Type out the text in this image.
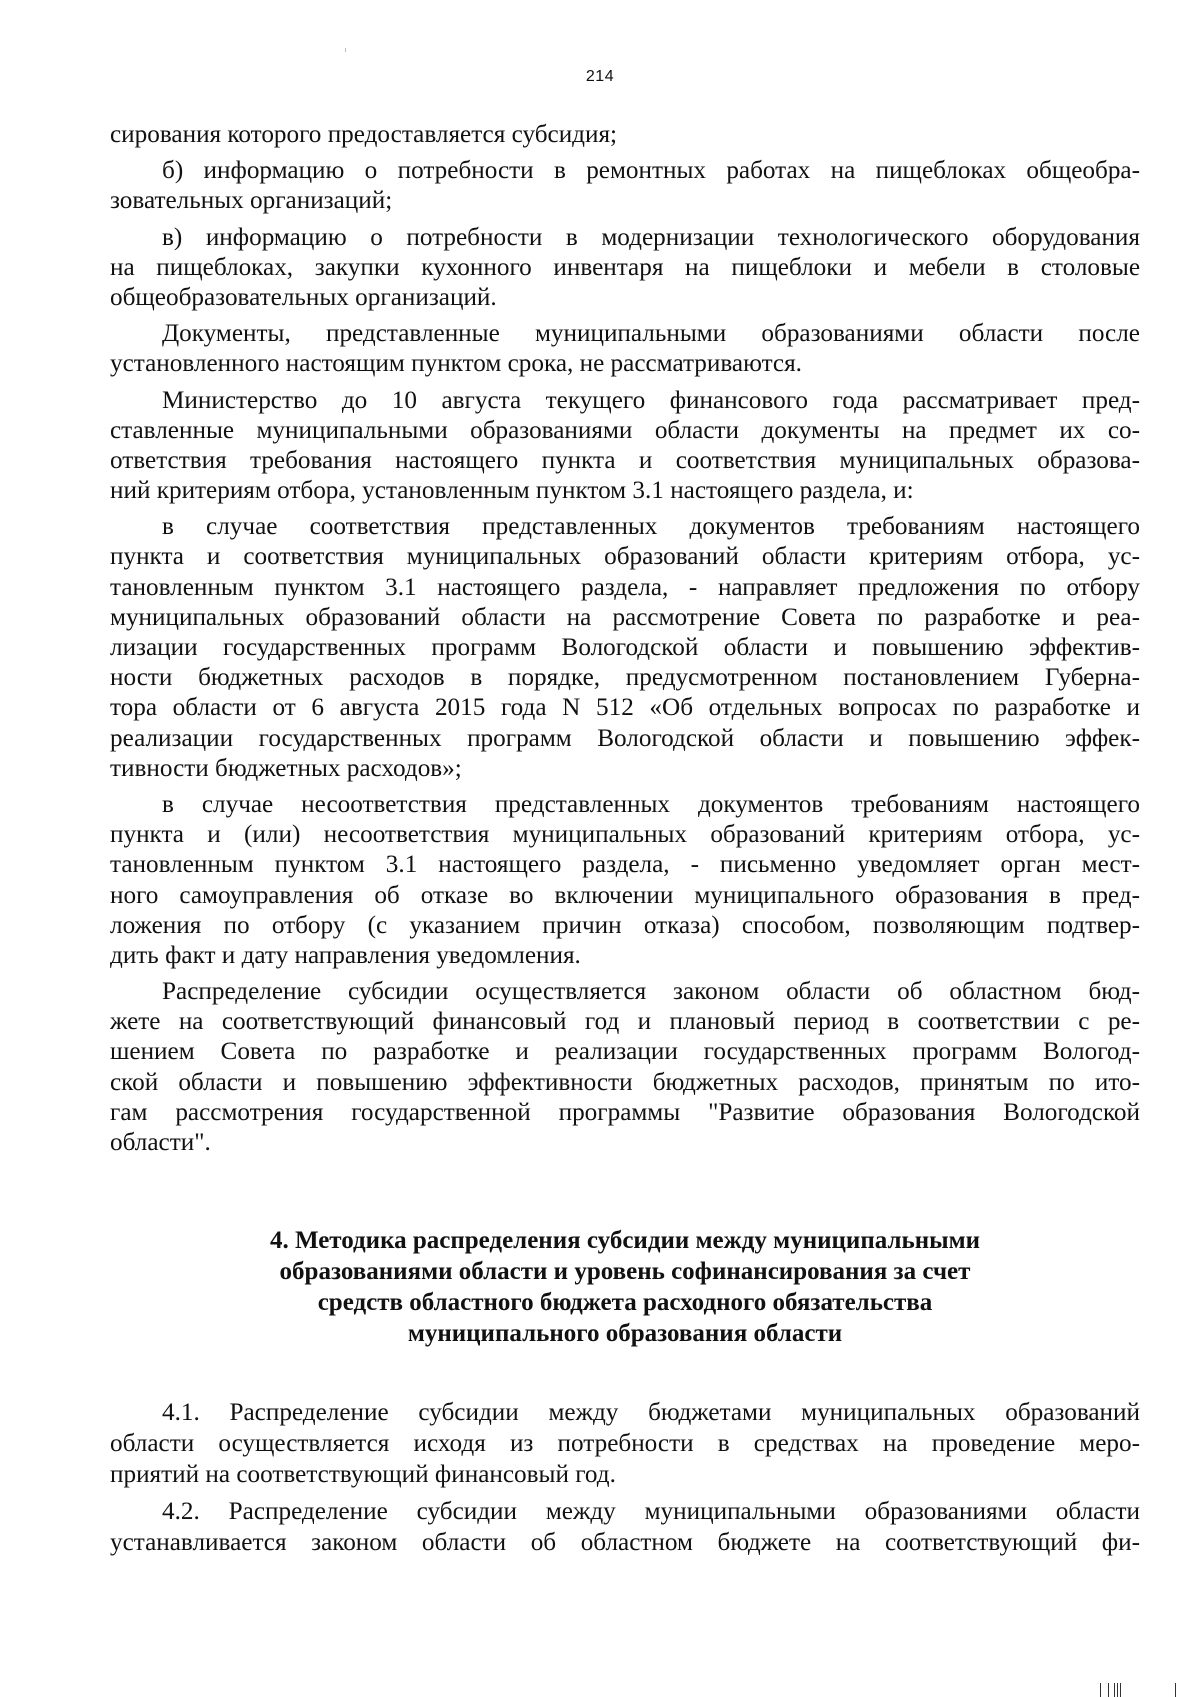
214
сирования которого предоставляется субсидия;
б) информацию о потребности в ремонтных работах на пищеблоках общеобра-
зовательных организаций;
в) информацию о потребности в модернизации технологического оборудования
на пищеблоках, закупки кухонного инвентаря на пищеблоки и мебели в столовые
общеобразовательных организаций.
Документы, представленные муниципальными образованиями области после
установленного настоящим пунктом срока, не рассматриваются.
Министерство до 10 августа текущего финансового года рассматривает пред-
ставленные муниципальными образованиями области документы на предмет их со-
ответствия требования настоящего пункта и соответствия муниципальных образова-
ний критериям отбора, установленным пунктом 3.1 настоящего раздела, и:
в случае соответствия представленных документов требованиям настоящего
пункта и соответствия муниципальных образований области критериям отбора, ус-
тановленным пунктом 3.1 настоящего раздела, - направляет предложения по отбору
муниципальных образований области на рассмотрение Совета по разработке и реа-
лизации государственных программ Вологодской области и повышению эффектив-
ности бюджетных расходов в порядке, предусмотренном постановлением Губерна-
тора области от 6 августа 2015 года N 512 «Об отдельных вопросах по разработке и
реализации государственных программ Вологодской области и повышению эффек-
тивности бюджетных расходов»;
в случае несоответствия представленных документов требованиям настоящего
пункта и (или) несоответствия муниципальных образований критериям отбора, ус-
тановленным пунктом 3.1 настоящего раздела, - письменно уведомляет орган мест-
ного самоуправления об отказе во включении муниципального образования в пред-
ложения по отбору (с указанием причин отказа) способом, позволяющим подтвер-
дить факт и дату направления уведомления.
Распределение субсидии осуществляется законом области об областном бюд-
жете на соответствующий финансовый год и плановый период в соответствии с ре-
шением Совета по разработке и реализации государственных программ Вологод-
ской области и повышению эффективности бюджетных расходов, принятым по ито-
гам рассмотрения государственной программы "Развитие образования Вологодской
области".
4. Методика распределения субсидии между муниципальными
образованиями области и уровень софинансирования за счет
средств областного бюджета расходного обязательства
муниципального образования области
4.1. Распределение субсидии между бюджетами муниципальных образований
области осуществляется исходя из потребности в средствах на проведение меро-
приятий на соответствующий финансовый год.
4.2. Распределение субсидии между муниципальными образованиями области
устанавливается законом области об областном бюджете на соответствующий фи-
